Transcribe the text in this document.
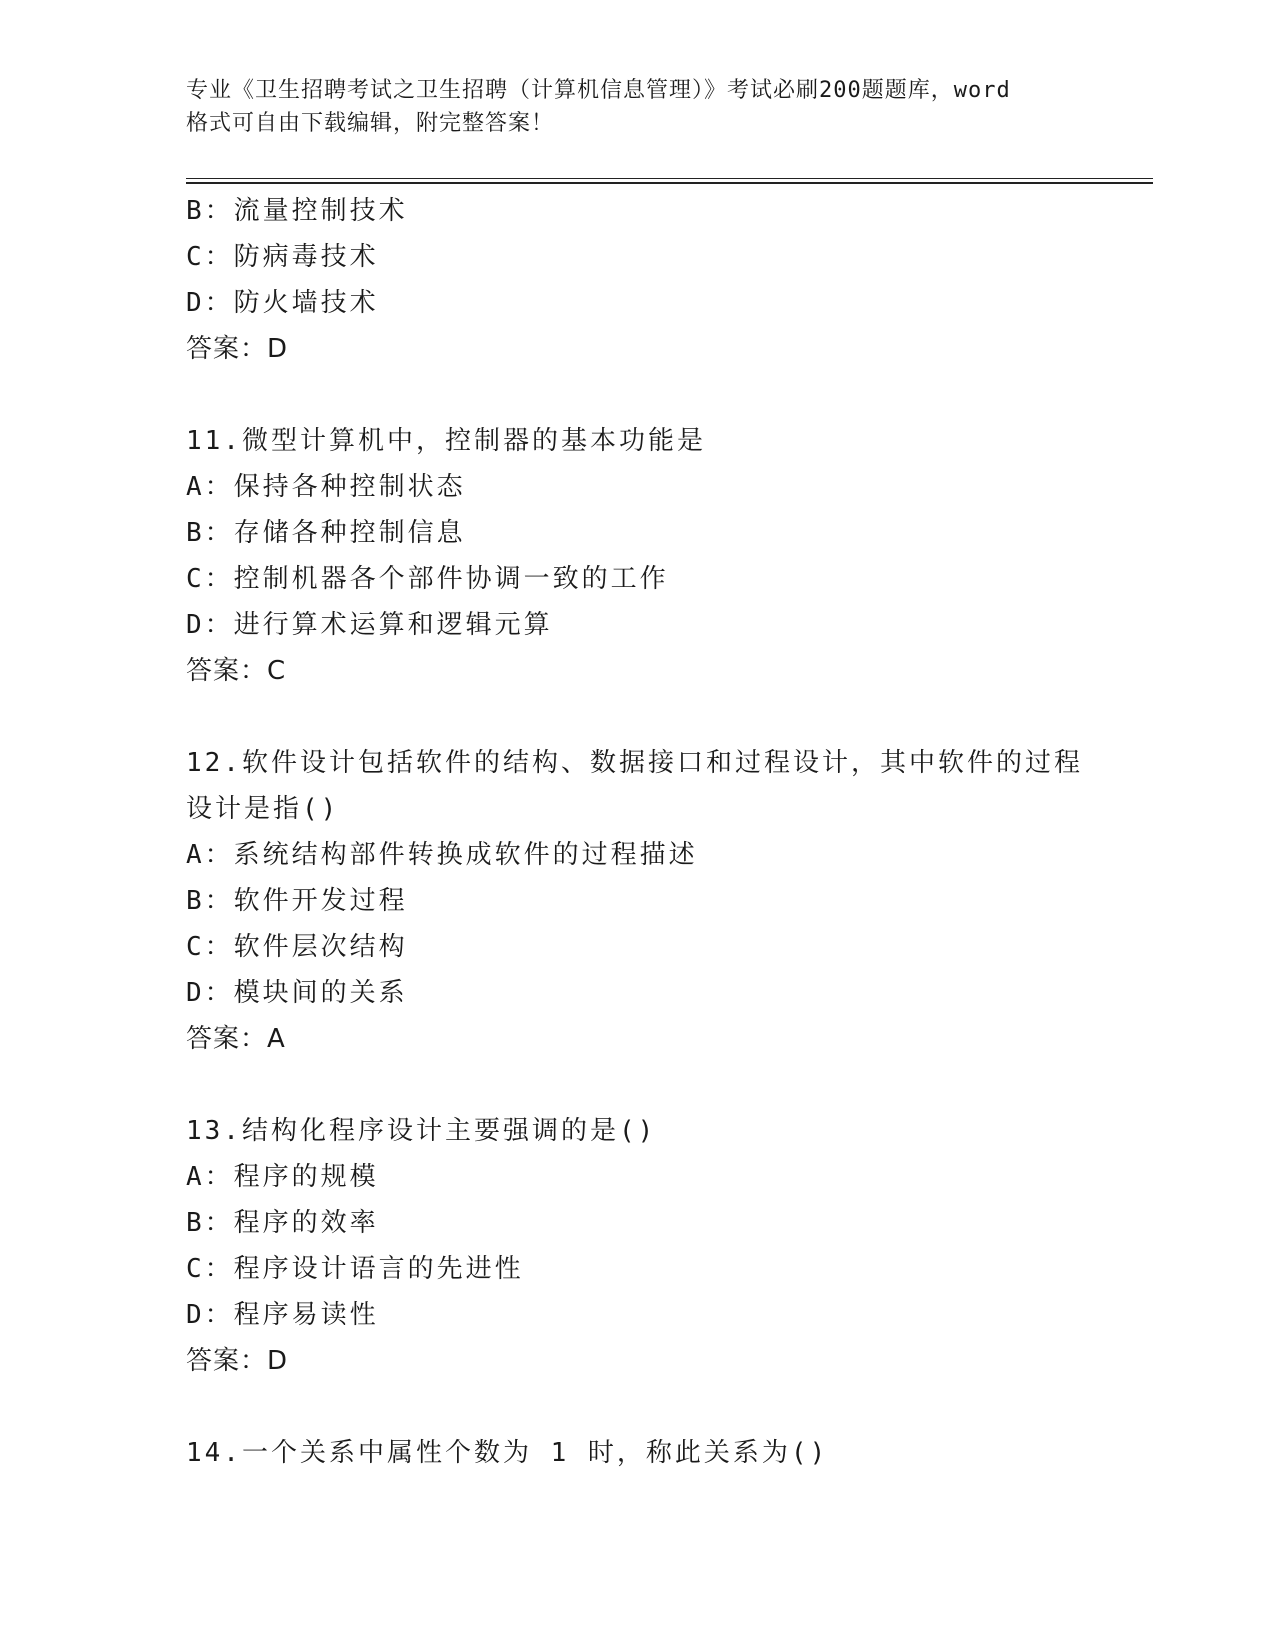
专业《卫生招聘考试之卫生招聘（计算机信息管理）》考试必刷200题题库，word
格式可自由下载编辑，附完整答案！
B：流量控制技术
C：防病毒技术
D：防火墙技术
答案：D
11.微型计算机中，控制器的基本功能是
A：保持各种控制状态
B：存储各种控制信息
C：控制机器各个部件协调一致的工作
D：进行算术运算和逻辑元算
答案：C
12.软件设计包括软件的结构、数据接口和过程设计，其中软件的过程
设计是指()
A：系统结构部件转换成软件的过程描述
B：软件开发过程
C：软件层次结构
D：模块间的关系
答案：A
13.结构化程序设计主要强调的是()
A：程序的规模
B：程序的效率
C：程序设计语言的先进性
D：程序易读性
答案：D
14.一个关系中属性个数为 1 时，称此关系为()
